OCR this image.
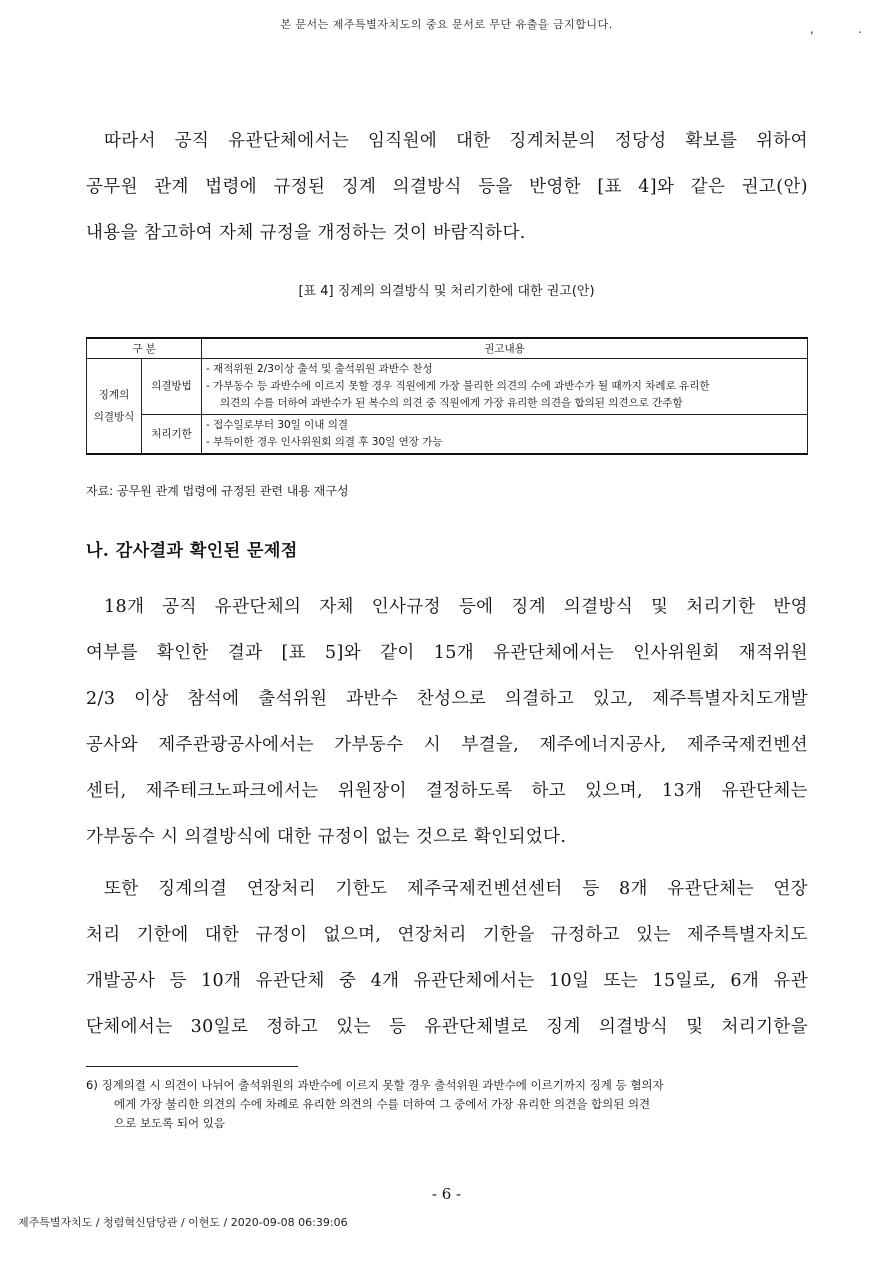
본 문서는 제주특별자치도의 중요 문서로 무단 유출을 금지합니다.	,	.
따라서 공직 유관단체에서는 임직원에 대한 징계처분의 정당성 확보를 위하여
공무원 관계 법령에 규정된 징계 의결방식 등을 반영한 [표 4]와 같은 권고(안)
내용을 참고하여 자체 규정을 개정하는 것이 바람직하다.
[표 4] 징계의 의결방식 및 처리기한에 대한 권고(안)
구 분		권고내용

징계의
의결방식	의결방법	- 재적위원 2/3이상 출석 및 출석위원 과반수 찬성
- 가부동수 등 과반수에 이르지 못할 경우 직원에게 가장 불리한 의견의 수에 과반수가 될 때까지 차례로 유리한
의견의 수를 더하여 과반수가 된 복수의 의견 중 직원에게 가장 유리한 의견을 합의된 의견으로 간주함

	처리기한	- 접수일로부터 30일 이내 의결
- 부득이한 경우 인사위원회 의결 후 30일 연장 가능
자료: 공무원 관계 법령에 규정된 관련 내용 재구성
나. 감사결과 확인된 문제점
18개 공직 유관단체의 자체 인사규정 등에 징계 의결방식 및 처리기한 반영
여부를 확인한 결과 [표 5]와 같이 15개 유관단체에서는 인사위원회 재적위원
2/3 이상 참석에 출석위원 과반수 찬성으로 의결하고 있고, 제주특별자치도개발
공사와 제주관광공사에서는 가부동수 시 부결을, 제주에너지공사, 제주국제컨벤션
센터, 제주테크노파크에서는 위원장이 결정하도록 하고 있으며, 13개 유관단체는
가부동수 시 의결방식에 대한 규정이 없는 것으로 확인되었다.
또한 징계의결 연장처리 기한도 제주국제컨벤션센터 등 8개 유관단체는 연장
처리 기한에 대한 규정이 없으며, 연장처리 기한을 규정하고 있는 제주특별자치도
개발공사 등 10개 유관단체 중 4개 유관단체에서는 10일 또는 15일로, 6개 유관
단체에서는 30일로 정하고 있는 등 유관단체별로 징계 의결방식 및 처리기한을
6) 징계의결 시 의견이 나뉘어 출석위원의 과반수에 이르지 못할 경우 출석위원 과반수에 이르기까지 징계 등 혐의자
에게 가장 불리한 의견의 수에 차례로 유리한 의견의 수를 더하여 그 중에서 가장 유리한 의견을 합의된 의견
으로 보도록 되어 있음
- 6 -
제주특별자치도 / 청렴혁신담당관 / 이현도 / 2020-09-08 06:39:06
